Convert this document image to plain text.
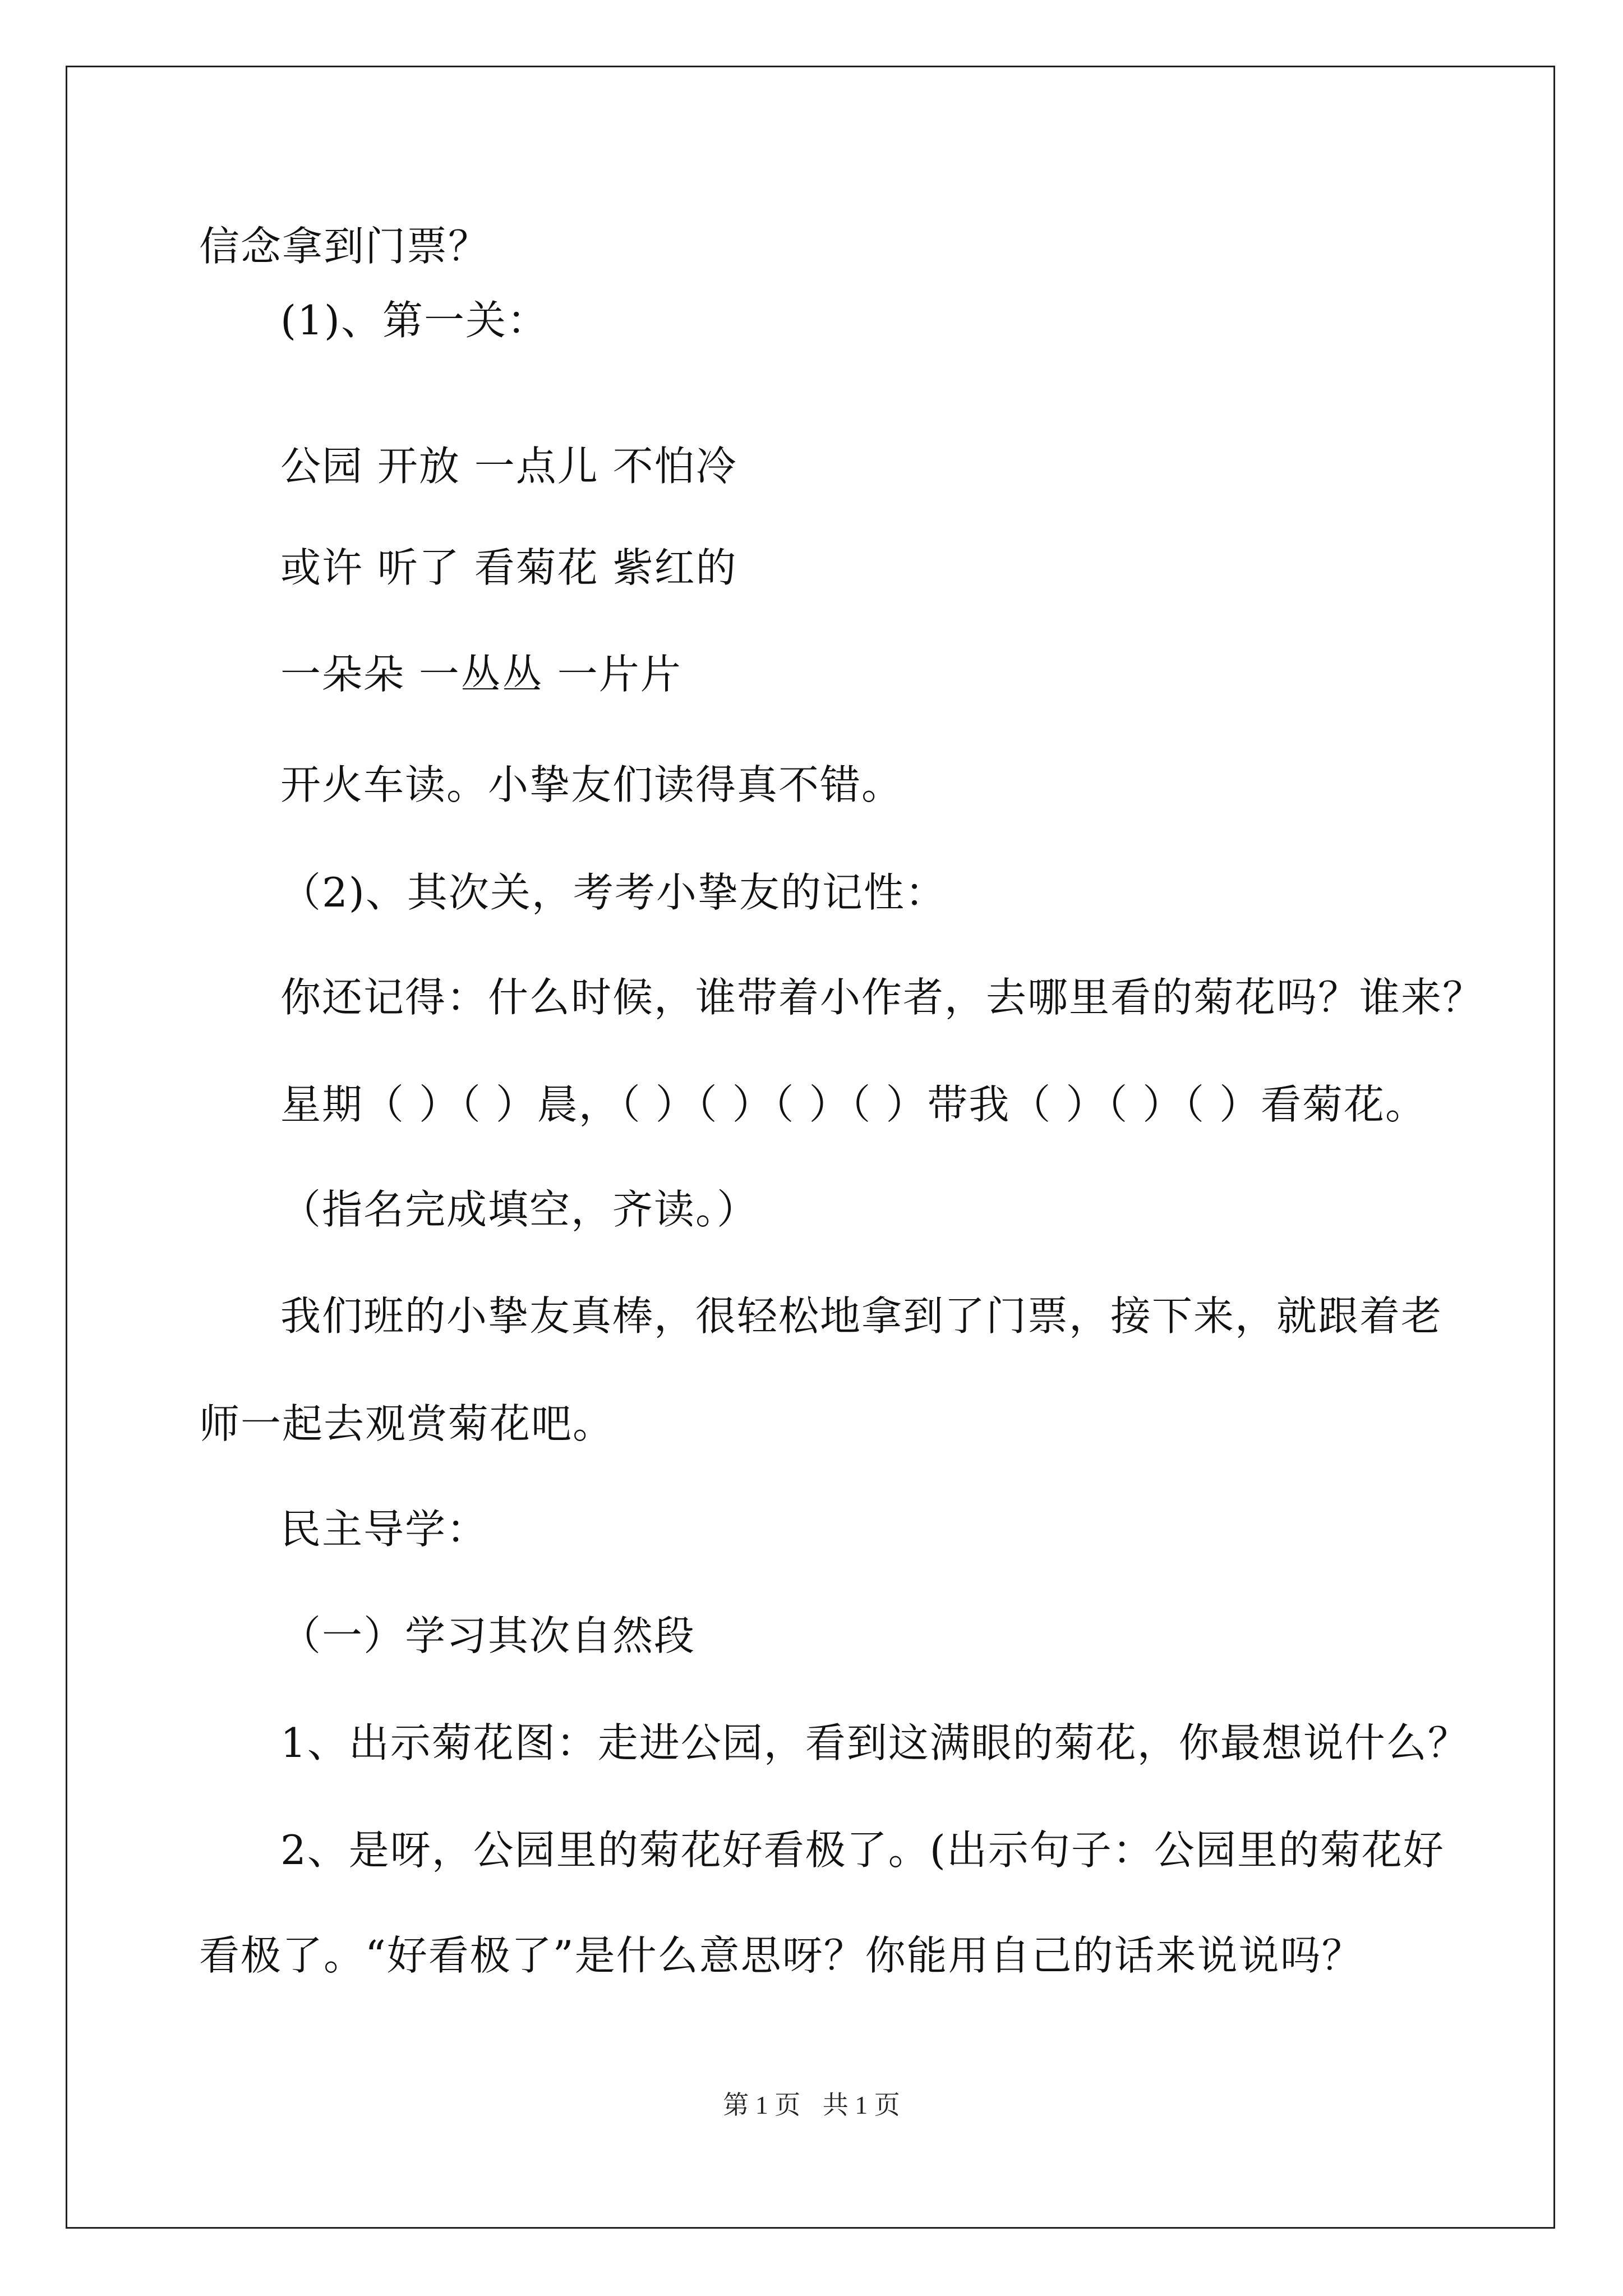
信念拿到门票？
(1)、第一关：
公园 开放 一点儿 不怕冷
或许 听了 看菊花 紫红的
一朵朵 一丛丛 一片片
开火车读。小挚友们读得真不错。
（2)、其次关，考考小挚友的记性：
你还记得：什么时候，谁带着小作者，去哪里看的菊花吗？谁来？
星期（ ）（ ）晨，（ ）（ ）（ ）（ ）带我（ ）（ ）（ ）看菊花。
（指名完成填空，齐读。）
我们班的小挚友真棒，很轻松地拿到了门票，接下来，就跟着老
师一起去观赏菊花吧。
民主导学：
（一）学习其次自然段
1、出示菊花图：走进公园，看到这满眼的菊花，你最想说什么？
2、是呀，公园里的菊花好看极了。(出示句子：公园里的菊花好
看极了。“好看极了”是什么意思呀？你能用自己的话来说说吗？
第 1 页 共 1 页
